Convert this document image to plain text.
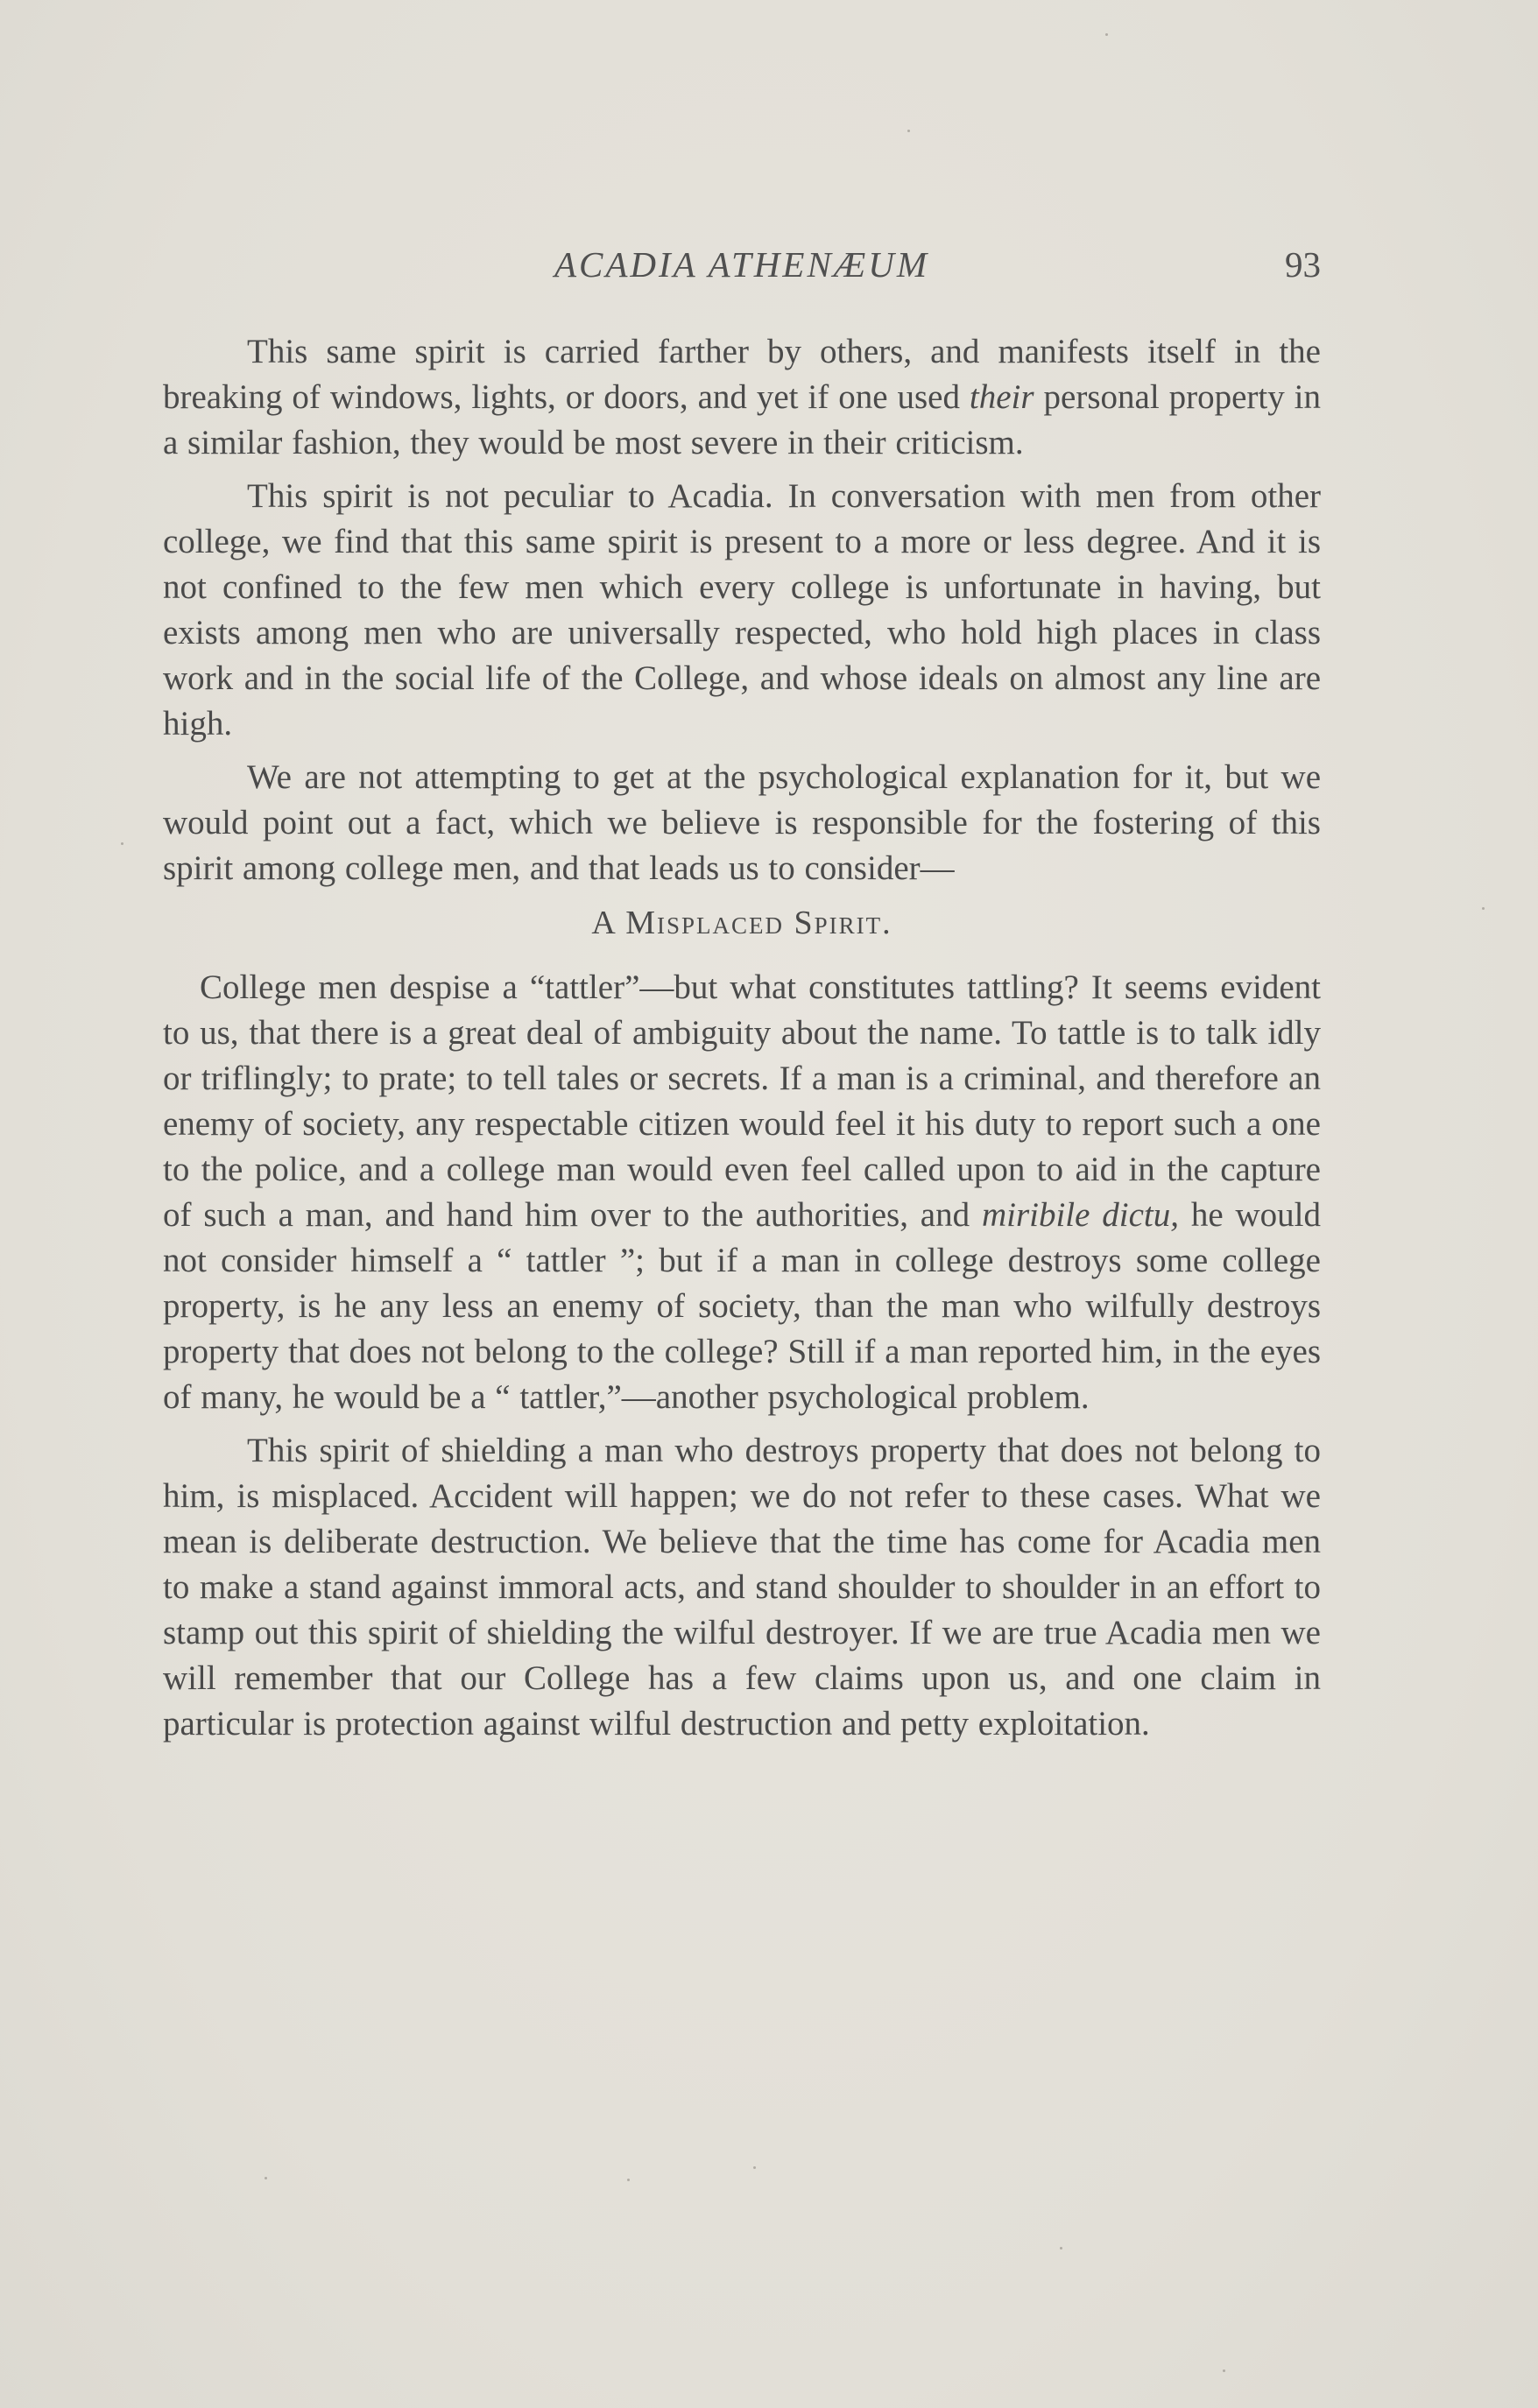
ACADIA ATHENÆUM	93

This same spirit is carried farther by others, and manifests itself in the breaking of windows, lights, or doors, and yet if one used their personal property in a similar fashion, they would be most severe in their criticism.

This spirit is not peculiar to Acadia. In conversation with men from other college, we find that this same spirit is present to a more or less degree. And it is not confined to the few men which every college is unfortunate in having, but exists among men who are universally respected, who hold high places in class work and in the social life of the College, and whose ideals on almost any line are high.

We are not attempting to get at the psychological explanation for it, but we would point out a fact, which we believe is responsible for the fostering of this spirit among college men, and that leads us to consider—

A Misplaced Spirit.

College men despise a “tattler”—but what constitutes tattling? It seems evident to us, that there is a great deal of ambiguity about the name. To tattle is to talk idly or triflingly; to prate; to tell tales or secrets. If a man is a criminal, and therefore an enemy of society, any respectable citizen would feel it his duty to report such a one to the police, and a college man would even feel called upon to aid in the capture of such a man, and hand him over to the authorities, and miribile dictu, he would not consider himself a “ tattler ”; but if a man in college destroys some college property, is he any less an enemy of society, than the man who wilfully destroys property that does not belong to the college? Still if a man reported him, in the eyes of many, he would be a “ tattler,”—another psychological problem.

This spirit of shielding a man who destroys property that does not belong to him, is misplaced. Accident will happen; we do not refer to these cases. What we mean is deliberate destruction. We believe that the time has come for Acadia men to make a stand against immoral acts, and stand shoulder to shoulder in an effort to stamp out this spirit of shielding the wilful destroyer. If we are true Acadia men we will remember that our College has a few claims upon us, and one claim in particular is protection against wilful destruction and petty exploitation.
